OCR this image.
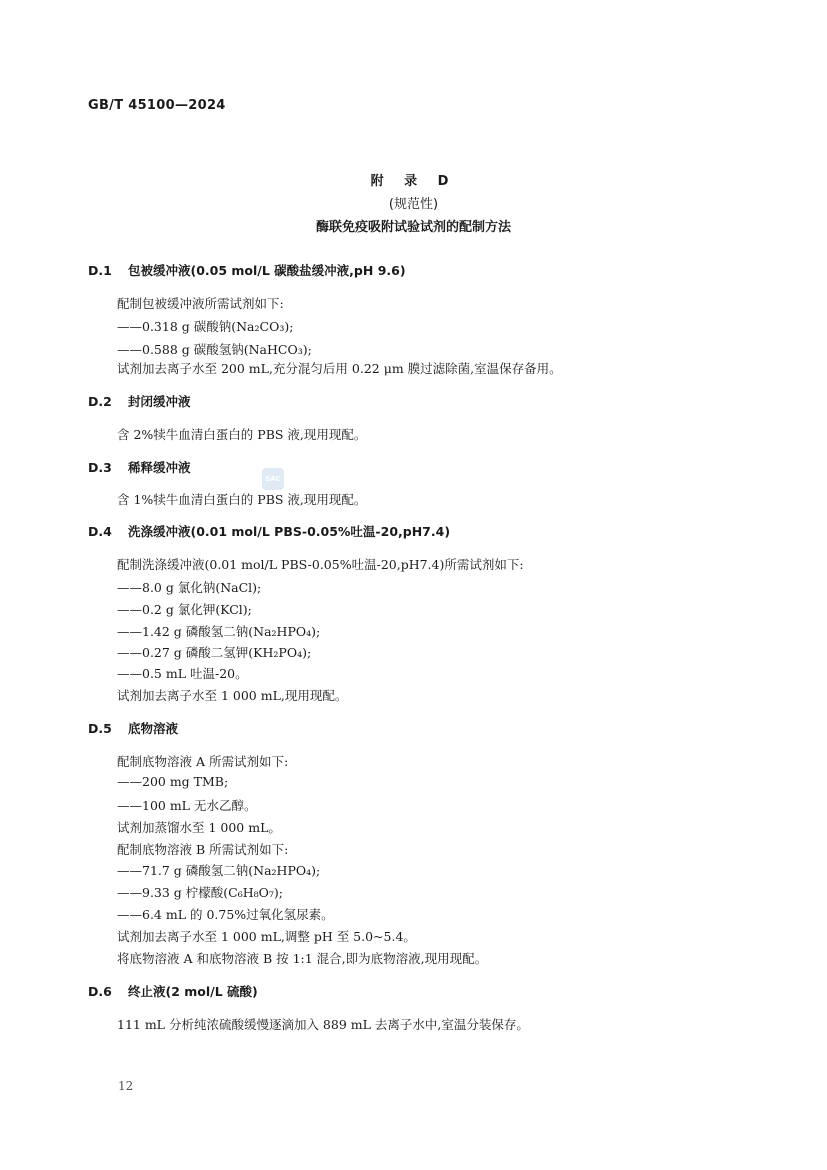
GB/T 45100—2024
附 录 D
(规范性)
酶联免疫吸附试验试剂的配制方法
D.1 包被缓冲液(0.05 mol/L 碳酸盐缓冲液,pH 9.6)
配制包被缓冲液所需试剂如下:
——0.318 g 碳酸钠(Na₂CO₃);
——0.588 g 碳酸氢钠(NaHCO₃);
试剂加去离子水至 200 mL,充分混匀后用 0.22 μm 膜过滤除菌,室温保存备用。
D.2 封闭缓冲液
含 2%犊牛血清白蛋白的 PBS 液,现用现配。
D.3 稀释缓冲液
含 1%犊牛血清白蛋白的 PBS 液,现用现配。
SAC
D.4 洗涤缓冲液(0.01 mol/L PBS-0.05%吐温-20,pH7.4)
配制洗涤缓冲液(0.01 mol/L PBS-0.05%吐温-20,pH7.4)所需试剂如下:
——8.0 g 氯化钠(NaCl);
——0.2 g 氯化钾(KCl);
——1.42 g 磷酸氢二钠(Na₂HPO₄);
——0.27 g 磷酸二氢钾(KH₂PO₄);
——0.5 mL 吐温-20。
试剂加去离子水至 1 000 mL,现用现配。
D.5 底物溶液
配制底物溶液 A 所需试剂如下:
——200 mg TMB;
——100 mL 无水乙醇。
试剂加蒸馏水至 1 000 mL。
配制底物溶液 B 所需试剂如下:
——71.7 g 磷酸氢二钠(Na₂HPO₄);
——9.33 g 柠檬酸(C₆H₈O₇);
——6.4 mL 的 0.75%过氧化氢尿素。
试剂加去离子水至 1 000 mL,调整 pH 至 5.0~5.4。
将底物溶液 A 和底物溶液 B 按 1:1 混合,即为底物溶液,现用现配。
D.6 终止液(2 mol/L 硫酸)
111 mL 分析纯浓硫酸缓慢逐滴加入 889 mL 去离子水中,室温分装保存。
12
